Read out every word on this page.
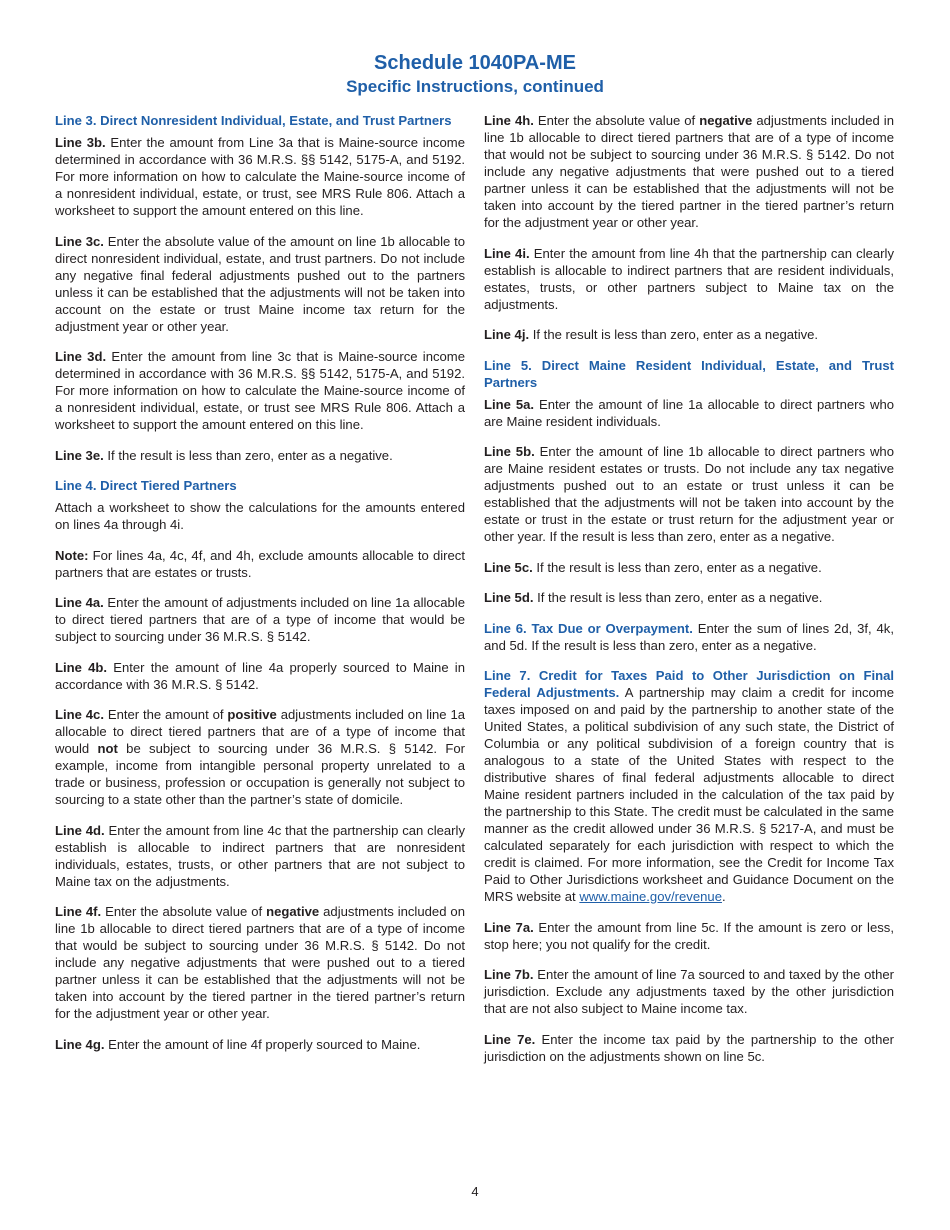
Schedule 1040PA-ME
Specific Instructions, continued
Line 3. Direct Nonresident Individual, Estate, and Trust Partners

Line 3b. Enter the amount from Line 3a that is Maine-source income determined in accordance with 36 M.R.S. §§ 5142, 5175-A, and 5192. For more information on how to calculate the Maine-source income of a nonresident individual, estate, or trust, see MRS Rule 806. Attach a worksheet to support the amount entered on this line.

Line 3c. Enter the absolute value of the amount on line 1b allocable to direct nonresident individual, estate, and trust partners. Do not include any negative final federal adjustments pushed out to the partners unless it can be established that the adjustments will not be taken into account on the estate or trust Maine income tax return for the adjustment year or other year.

Line 3d. Enter the amount from line 3c that is Maine-source income determined in accordance with 36 M.R.S. §§ 5142, 5175-A, and 5192. For more information on how to calculate the Maine-source income of a nonresident individual, estate, or trust see MRS Rule 806. Attach a worksheet to support the amount entered on this line.

Line 3e. If the result is less than zero, enter as a negative.

Line 4. Direct Tiered Partners

Attach a worksheet to show the calculations for the amounts entered on lines 4a through 4i.

Note: For lines 4a, 4c, 4f, and 4h, exclude amounts allocable to direct partners that are estates or trusts.

Line 4a. Enter the amount of adjustments included on line 1a allocable to direct tiered partners that are of a type of income that would be subject to sourcing under 36 M.R.S. § 5142.

Line 4b. Enter the amount of line 4a properly sourced to Maine in accordance with 36 M.R.S. § 5142.

Line 4c. Enter the amount of positive adjustments included on line 1a allocable to direct tiered partners that are of a type of income that would not be subject to sourcing under 36 M.R.S. § 5142. For example, income from intangible personal property unrelated to a trade or business, profession or occupation is generally not subject to sourcing to a state other than the partner’s state of domicile.

Line 4d. Enter the amount from line 4c that the partnership can clearly establish is allocable to indirect partners that are nonresident individuals, estates, trusts, or other partners that are not subject to Maine tax on the adjustments.

Line 4f. Enter the absolute value of negative adjustments included on line 1b allocable to direct tiered partners that are of a type of income that would be subject to sourcing under 36 M.R.S. § 5142. Do not include any negative adjustments that were pushed out to a tiered partner unless it can be established that the adjustments will not be taken into account by the tiered partner in the tiered partner’s return for the adjustment year or other year.

Line 4g. Enter the amount of line 4f properly sourced to Maine.

Line 4h. Enter the absolute value of negative adjustments included in line 1b allocable to direct tiered partners that are of a type of income that would not be subject to sourcing under 36 M.R.S. § 5142. Do not include any negative adjustments that were pushed out to a tiered partner unless it can be established that the adjustments will not be taken into account by the tiered partner in the tiered partner’s return for the adjustment year or other year.

Line 4i. Enter the amount from line 4h that the partnership can clearly establish is allocable to indirect partners that are resident individuals, estates, trusts, or other partners subject to Maine tax on the adjustments.

Line 4j. If the result is less than zero, enter as a negative.

Line 5. Direct Maine Resident Individual, Estate, and Trust Partners

Line 5a. Enter the amount of line 1a allocable to direct partners who are Maine resident individuals.

Line 5b. Enter the amount of line 1b allocable to direct partners who are Maine resident estates or trusts. Do not include any tax negative adjustments pushed out to an estate or trust unless it can be established that the adjustments will not be taken into account by the estate or trust in the estate or trust return for the adjustment year or other year. If the result is less than zero, enter as a negative.

Line 5c. If the result is less than zero, enter as a negative.

Line 5d. If the result is less than zero, enter as a negative.

Line 6. Tax Due or Overpayment. Enter the sum of lines 2d, 3f, 4k, and 5d. If the result is less than zero, enter as a negative.

Line 7. Credit for Taxes Paid to Other Jurisdiction on Final Federal Adjustments. A partnership may claim a credit for income taxes imposed on and paid by the partnership to another state of the United States, a political subdivision of any such state, the District of Columbia or any political subdivision of a foreign country that is analogous to a state of the United States with respect to the distributive shares of final federal adjustments allocable to direct Maine resident partners included in the calculation of the tax paid by the partnership to this State. The credit must be calculated in the same manner as the credit allowed under 36 M.R.S. § 5217-A, and must be calculated separately for each jurisdiction with respect to which the credit is claimed. For more information, see the Credit for Income Tax Paid to Other Jurisdictions worksheet and Guidance Document on the MRS website at www.maine.gov/revenue.

Line 7a. Enter the amount from line 5c. If the amount is zero or less, stop here; you not qualify for the credit.

Line 7b. Enter the amount of line 7a sourced to and taxed by the other jurisdiction. Exclude any adjustments taxed by the other jurisdiction that are not also subject to Maine income tax.

Line 7e. Enter the income tax paid by the partnership to the other jurisdiction on the adjustments shown on line 5c.

4
